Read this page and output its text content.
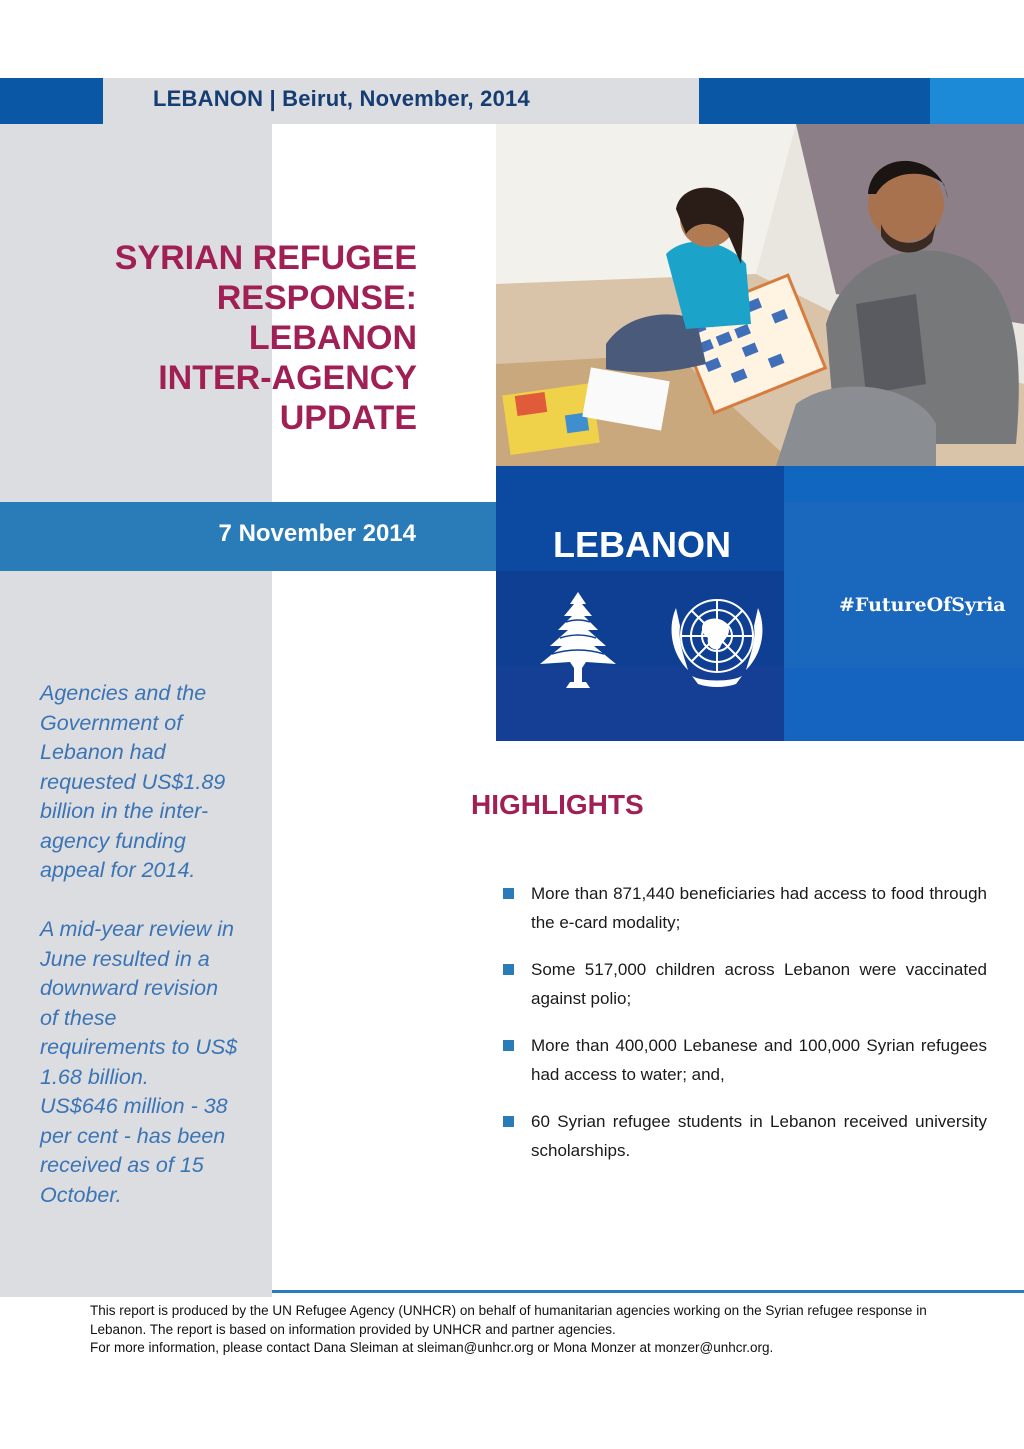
LEBANON | Beirut, November, 2014
SYRIAN REFUGEE
RESPONSE:
LEBANON
INTER-AGENCY
UPDATE
7 November 2014	LEBANON
#FutureOfSyria
Agencies and the
Government of
Lebanon had
requested US$1.89
billion in the inter-
agency funding
appeal for 2014.
A mid-year review in
June resulted in a
downward revision
of these
requirements to US$
1.68 billion.
US$646 million - 38
per cent - has been
received as of 15
October.
HIGHLIGHTS
More than 871,440 beneficiaries had access to food through the e-card modality;
Some 517,000 children across Lebanon were vaccinated against polio;
More than 400,000 Lebanese and 100,000 Syrian refugees had access to water; and,
60 Syrian refugee students in Lebanon received university scholarships.
This report is produced by the UN Refugee Agency (UNHCR) on behalf of humanitarian agencies working on the Syrian refugee response in Lebanon. The report is based on information provided by UNHCR and partner agencies.
For more information, please contact Dana Sleiman at sleiman@unhcr.org or Mona Monzer at monzer@unhcr.org.
